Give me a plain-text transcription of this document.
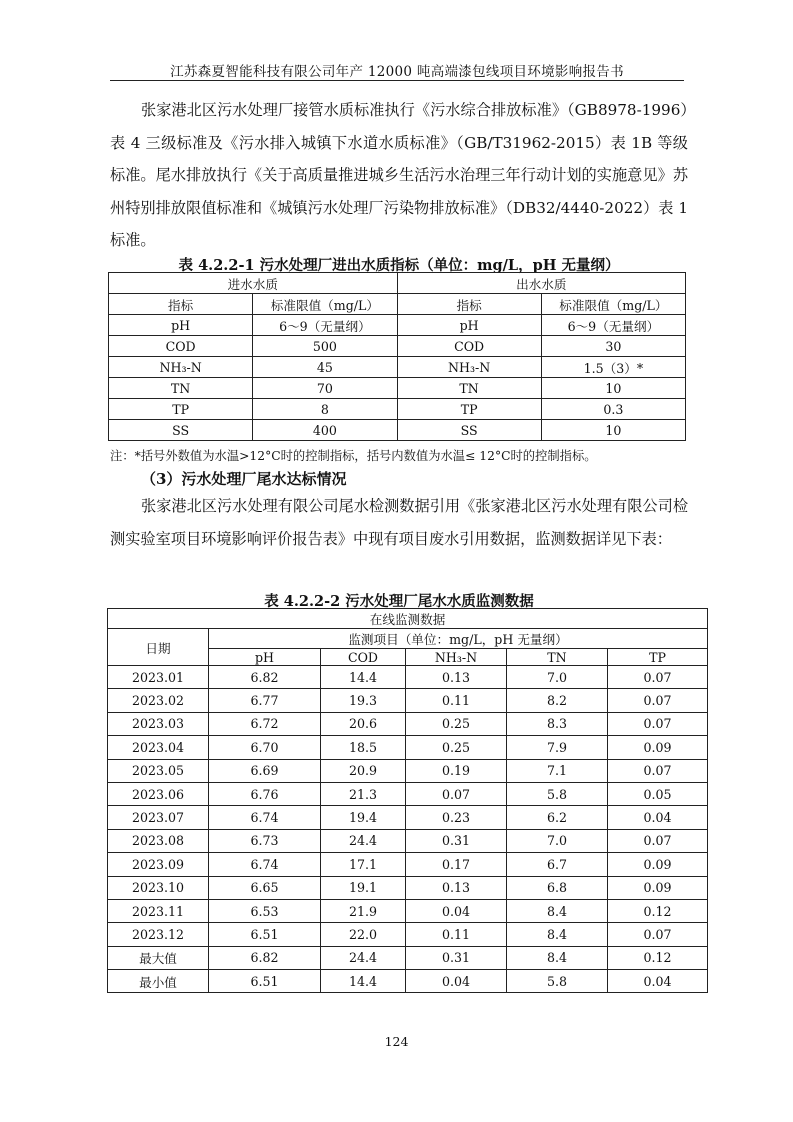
江苏森夏智能科技有限公司年产 12000 吨高端漆包线项目环境影响报告书

张家港北区污水处理厂接管水质标准执行《污水综合排放标准》（GB8978-1996）表 4 三级标准及《污水排入城镇下水道水质标准》（GB/T31962-2015）表 1B 等级标准。尾水排放执行《关于高质量推进城乡生活污水治理三年行动计划的实施意见》苏州特别排放限值标准和《城镇污水处理厂污染物排放标准》（DB32/4440-2022）表 1 标准。

表 4.2.2-1 污水处理厂进出水质指标（单位：mg/L，pH 无量纲）
进水水质		出水水质	
指标	标准限值（mg/L）	指标	标准限值（mg/L）
pH	6～9（无量纲）	pH	6～9（无量纲）
COD	500	COD	30
NH₃-N	45	NH₃-N	1.5（3）*
TN	70	TN	10
TP	8	TP	0.3
SS	400	SS	10
注：*括号外数值为水温>12°C时的控制指标，括号内数值为水温≤ 12°C时的控制指标。
（3）污水处理厂尾水达标情况

张家港北区污水处理有限公司尾水检测数据引用《张家港北区污水处理有限公司检测实验室项目环境影响评价报告表》中现有项目废水引用数据，监测数据详见下表：

表 4.2.2-2 污水处理厂尾水水质监测数据
在线监测数据					
日期	监测项目（单位：mg/L，pH 无量纲）				
	pH	COD	NH₃-N	TN	TP
2023.01	6.82	14.4	0.13	7.0	0.07
2023.02	6.77	19.3	0.11	8.2	0.07
2023.03	6.72	20.6	0.25	8.3	0.07
2023.04	6.70	18.5	0.25	7.9	0.09
2023.05	6.69	20.9	0.19	7.1	0.07
2023.06	6.76	21.3	0.07	5.8	0.05
2023.07	6.74	19.4	0.23	6.2	0.04
2023.08	6.73	24.4	0.31	7.0	0.07
2023.09	6.74	17.1	0.17	6.7	0.09
2023.10	6.65	19.1	0.13	6.8	0.09
2023.11	6.53	21.9	0.04	8.4	0.12
2023.12	6.51	22.0	0.11	8.4	0.07
最大值	6.82	24.4	0.31	8.4	0.12
最小值	6.51	14.4	0.04	5.8	0.04
124
